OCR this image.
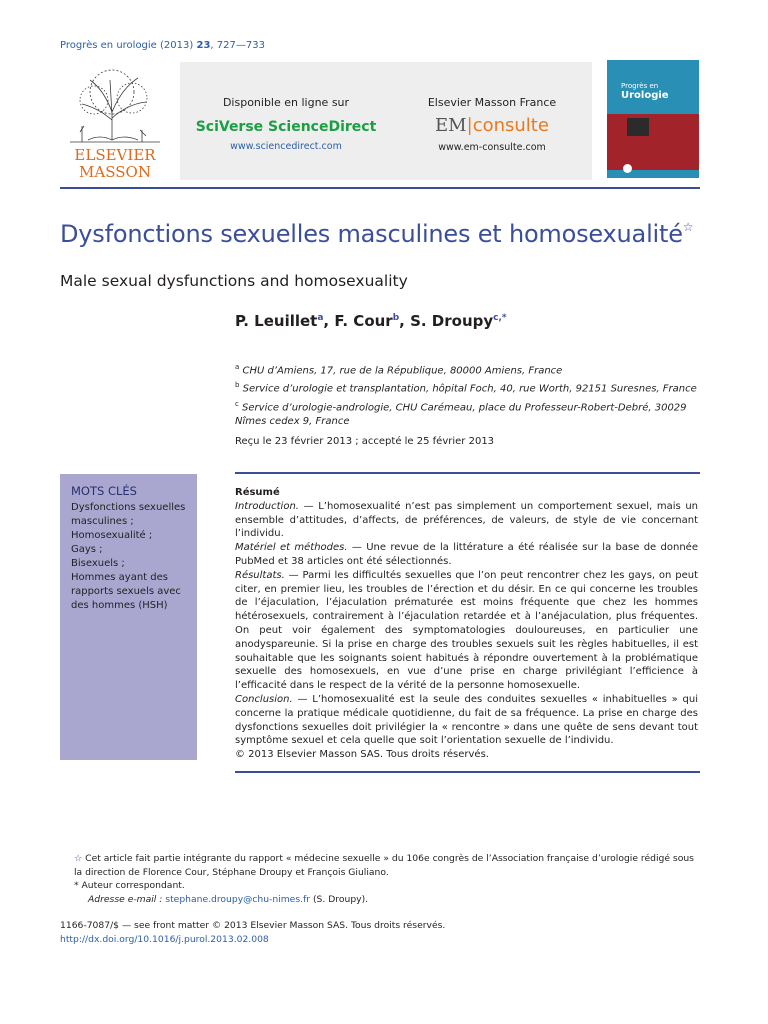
Progrès en urologie (2013) 23, 727—733
ELSEVIER
MASSON
Disponible en ligne sur
SciVerse ScienceDirect
www.sciencedirect.com
Elsevier Masson France
EM|consulte
www.em-consulte.com
Progrès en
Urologie
Dysfonctions sexuelles masculines et homosexualité☆
Male sexual dysfunctions and homosexuality
P. Leuillet$^a$, F. Cour$^b$, S. Droupy$^{c,*}$
$^a$ CHU d’Amiens, 17, rue de la République, 80000 Amiens, France
$^b$ Service d’urologie et transplantation, hôpital Foch, 40, rue Worth, 92151 Suresnes, France
$^c$ Service d’urologie-andrologie, CHU Carémeau, place du Professeur-Robert-Debré, 30029 Nîmes cedex 9, France
Reçu le 23 février 2013 ; accepté le 25 février 2013
MOTS CLÉS
Dysfonctions sexuelles masculines ;
Homosexualité ;
Gays ;
Bisexuels ;
Hommes ayant des rapports sexuels avec des hommes (HSH)

Résumé

Introduction. — L’homosexualité n’est pas simplement un comportement sexuel, mais un ensemble d’attitudes, d’affects, de préférences, de valeurs, de style de vie concernant l’individu.

Matériel et méthodes. — Une revue de la littérature a été réalisée sur la base de donnée PubMed et 38 articles ont été sélectionnés.

Résultats. — Parmi les difficultés sexuelles que l’on peut rencontrer chez les gays, on peut citer, en premier lieu, les troubles de l’érection et du désir. En ce qui concerne les troubles de l’éjaculation, l’éjaculation prématurée est moins fréquente que chez les hommes hétérosexuels, contrairement à l’éjaculation retardée et à l’anéjaculation, plus fréquentes. On peut voir également des symptomatologies douloureuses, en particulier une anodyspareunie. Si la prise en charge des troubles sexuels suit les règles habituelles, il est souhaitable que les soignants soient habitués à répondre ouvertement à la problématique sexuelle des homosexuels, en vue d’une prise en charge privilégiant l’efficience à l’efficacité dans le respect de la vérité de la personne homosexuelle.

Conclusion. — L’homosexualité est la seule des conduites sexuelles « inhabituelles » qui concerne la pratique médicale quotidienne, du fait de sa fréquence. La prise en charge des dysfonctions sexuelles doit privilégier la « rencontre » dans une quête de sens devant tout symptôme sexuel et cela quelle que soit l’orientation sexuelle de l’individu.

© 2013 Elsevier Masson SAS. Tous droits réservés.

☆ Cet article fait partie intégrante du rapport « médecine sexuelle » du 106e congrès de l’Association française d’urologie rédigé sous la direction de Florence Cour, Stéphane Droupy et François Giuliano.
* Auteur correspondant.
Adresse e-mail : stephane.droupy@chu-nimes.fr (S. Droupy).
1166-7087/$ — see front matter © 2013 Elsevier Masson SAS. Tous droits réservés.
http://dx.doi.org/10.1016/j.purol.2013.02.008
